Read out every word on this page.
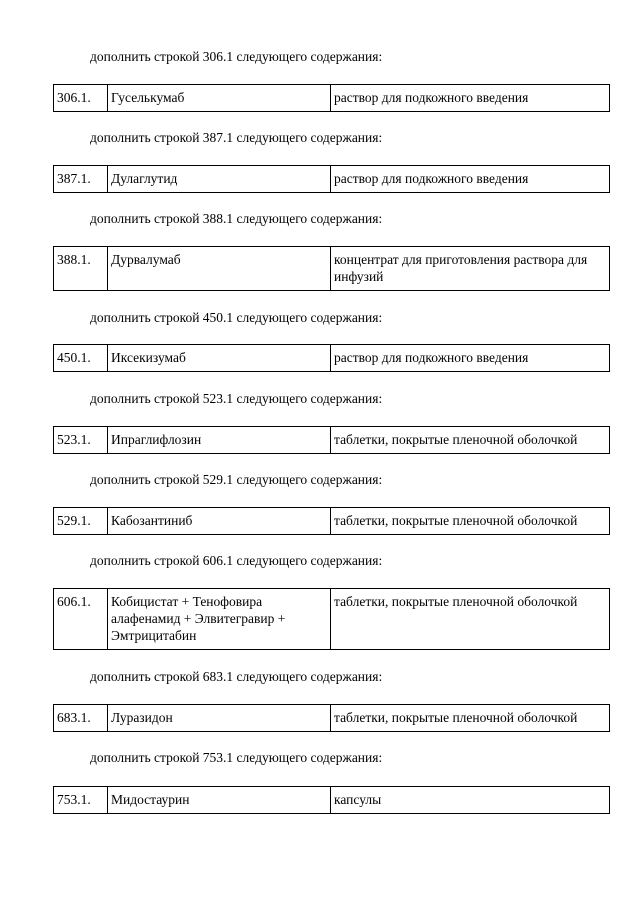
дополнить строкой 306.1 следующего содержания:

306.1.	Гуселькумаб	раствор для подкожного введения

дополнить строкой 387.1 следующего содержания:

387.1.	Дулаглутид	раствор для подкожного введения

дополнить строкой 388.1 следующего содержания:

388.1.	Дурвалумаб	концентрат для приготовления раствора для инфузий

дополнить строкой 450.1 следующего содержания:

450.1.	Иксекизумаб	раствор для подкожного введения

дополнить строкой 523.1 следующего содержания:

523.1.	Ипраглифлозин	таблетки, покрытые пленочной оболочкой

дополнить строкой 529.1 следующего содержания:

529.1.	Кабозантиниб	таблетки, покрытые пленочной оболочкой

дополнить строкой 606.1 следующего содержания:

606.1.	Кобицистат + Тенофовира алафенамид + Элвитегравир + Эмтрицитабин	таблетки, покрытые пленочной оболочкой

дополнить строкой 683.1 следующего содержания:

683.1.	Луразидон	таблетки, покрытые пленочной оболочкой

дополнить строкой 753.1 следующего содержания:

753.1.	Мидостаурин	капсулы
